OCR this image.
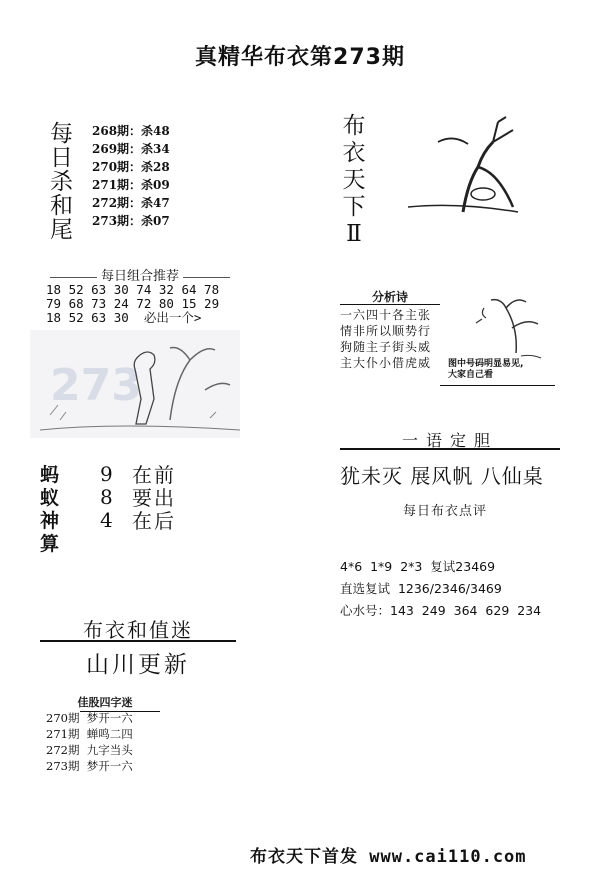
真精华布衣第273期
每
日
杀
和
尾
268期：杀48
269期：杀34
270期：杀28
271期：杀09
272期：杀47
273期：杀07
每日组合推荐
18 52 63 30 74 32 64 78
79 68 73 24 72 80 15 29
18 52 63 30  必出一个>
273
蚂	9 在前
蚁	8 要出
神	4 在后
算
布衣和值迷
山川更新
佳股四字迷
270期  梦开一六
271期  蝉鸣二四
272期  九字当头
273期  梦开一六
布
衣
天
下
Ⅱ
分析诗
一六四十各主张
情非所以顺势行
狗随主子街头威
主大仆小借虎威 图中号码明显易见,
大家自己看
一语定胆
犹未灭 展风帆 八仙桌
每日布衣点评
4*6  1*9  2*3  复试23469
直选复试  1236/2346/3469
心水号：143  249  364  629  234
布衣天下首发 www.cai110.com
